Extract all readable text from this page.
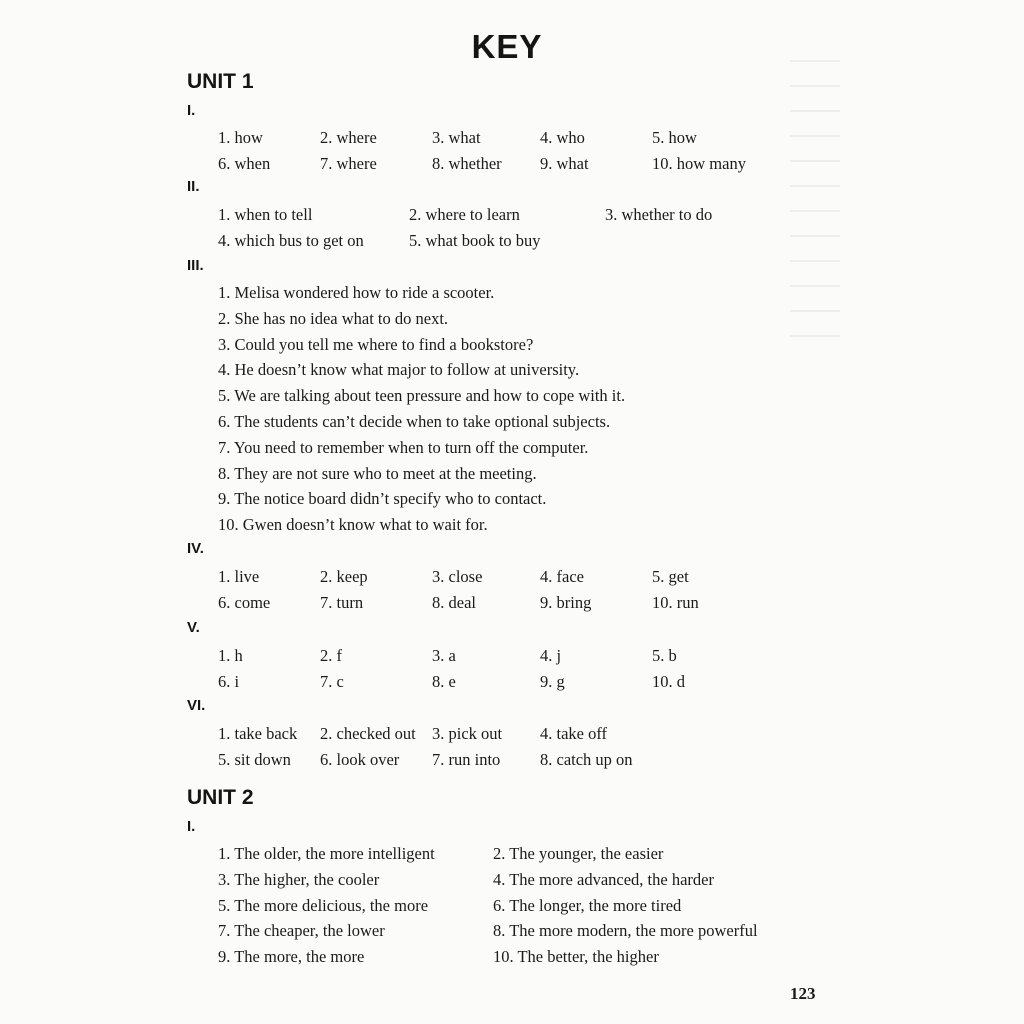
KEY
UNIT 1
I.
1. how	2. where	3. what	4. who	5. how
6. when	7. where	8. whether 9. what	10. how many
II.
1. when to tell	2. where to learn	3. whether to do
4. which bus to get on	5. what book to buy
III.
1. Melisa wondered how to ride a scooter.
2. She has no idea what to do next.
3. Could you tell me where to find a bookstore?
4. He doesn’t know what major to follow at university.
5. We are talking about teen pressure and how to cope with it.
6. The students can’t decide when to take optional subjects.
7. You need to remember when to turn off the computer.
8. They are not sure who to meet at the meeting.
9. The notice board didn’t specify who to contact.
10. Gwen doesn’t know what to wait for.
IV.
1. live	2. keep	3. close	4. face	5. get
6. come	7. turn	8. deal	9. bring	10. run
V.
1. h	2. f	3. a	4. j	5. b
6. i	7. c	8. e	9. g	10. d
VI.
1. take back 2. checked out 3. pick out 4. take off
5. sit down 6. look over 7. run into 8. catch up on
UNIT 2
I.
1. The older, the more intelligent	2. The younger, the easier
3. The higher, the cooler	4. The more advanced, the harder
5. The more delicious, the more	6. The longer, the more tired
7. The cheaper, the lower	8. The more modern, the more powerful
9. The more, the more	10. The better, the higher
123
